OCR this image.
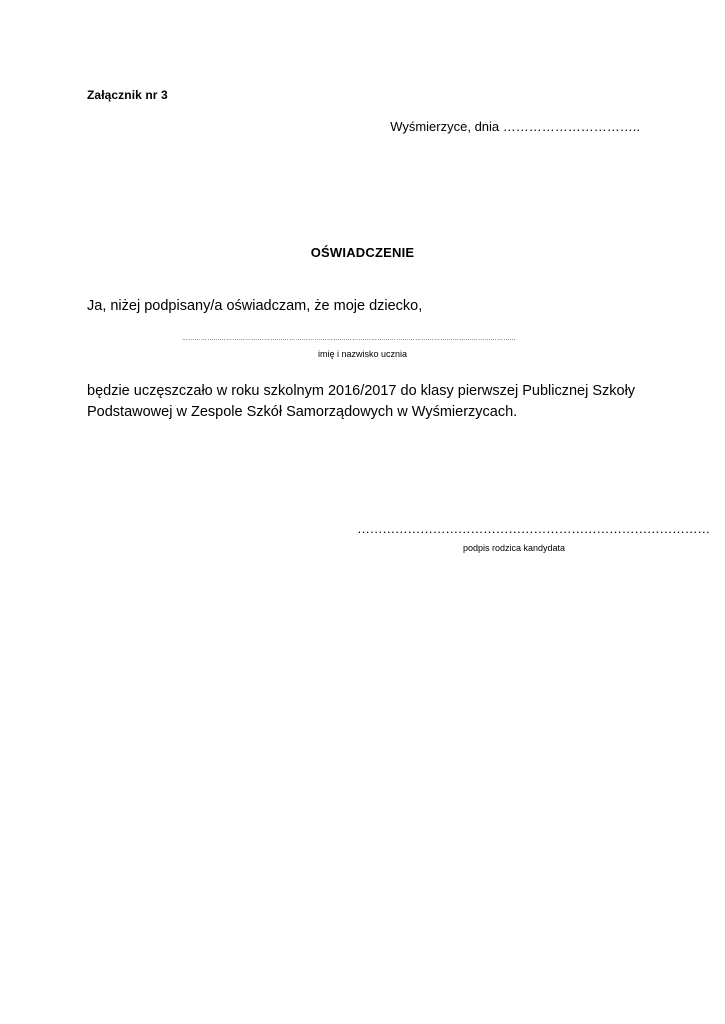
Załącznik nr 3
Wyśmierzyce, dnia …………………………..
OŚWIADCZENIE
Ja, niżej podpisany/a oświadczam, że moje dziecko,
……………………………………………………………………………………………………………………………………………
imię i nazwisko ucznia
będzie uczęszczało w roku szkolnym 2016/2017 do klasy pierwszej Publicznej Szkoły
Podstawowej w Zespole Szkół Samorządowych w Wyśmierzycach.
…………………………………………………………………………
podpis rodzica kandydata
